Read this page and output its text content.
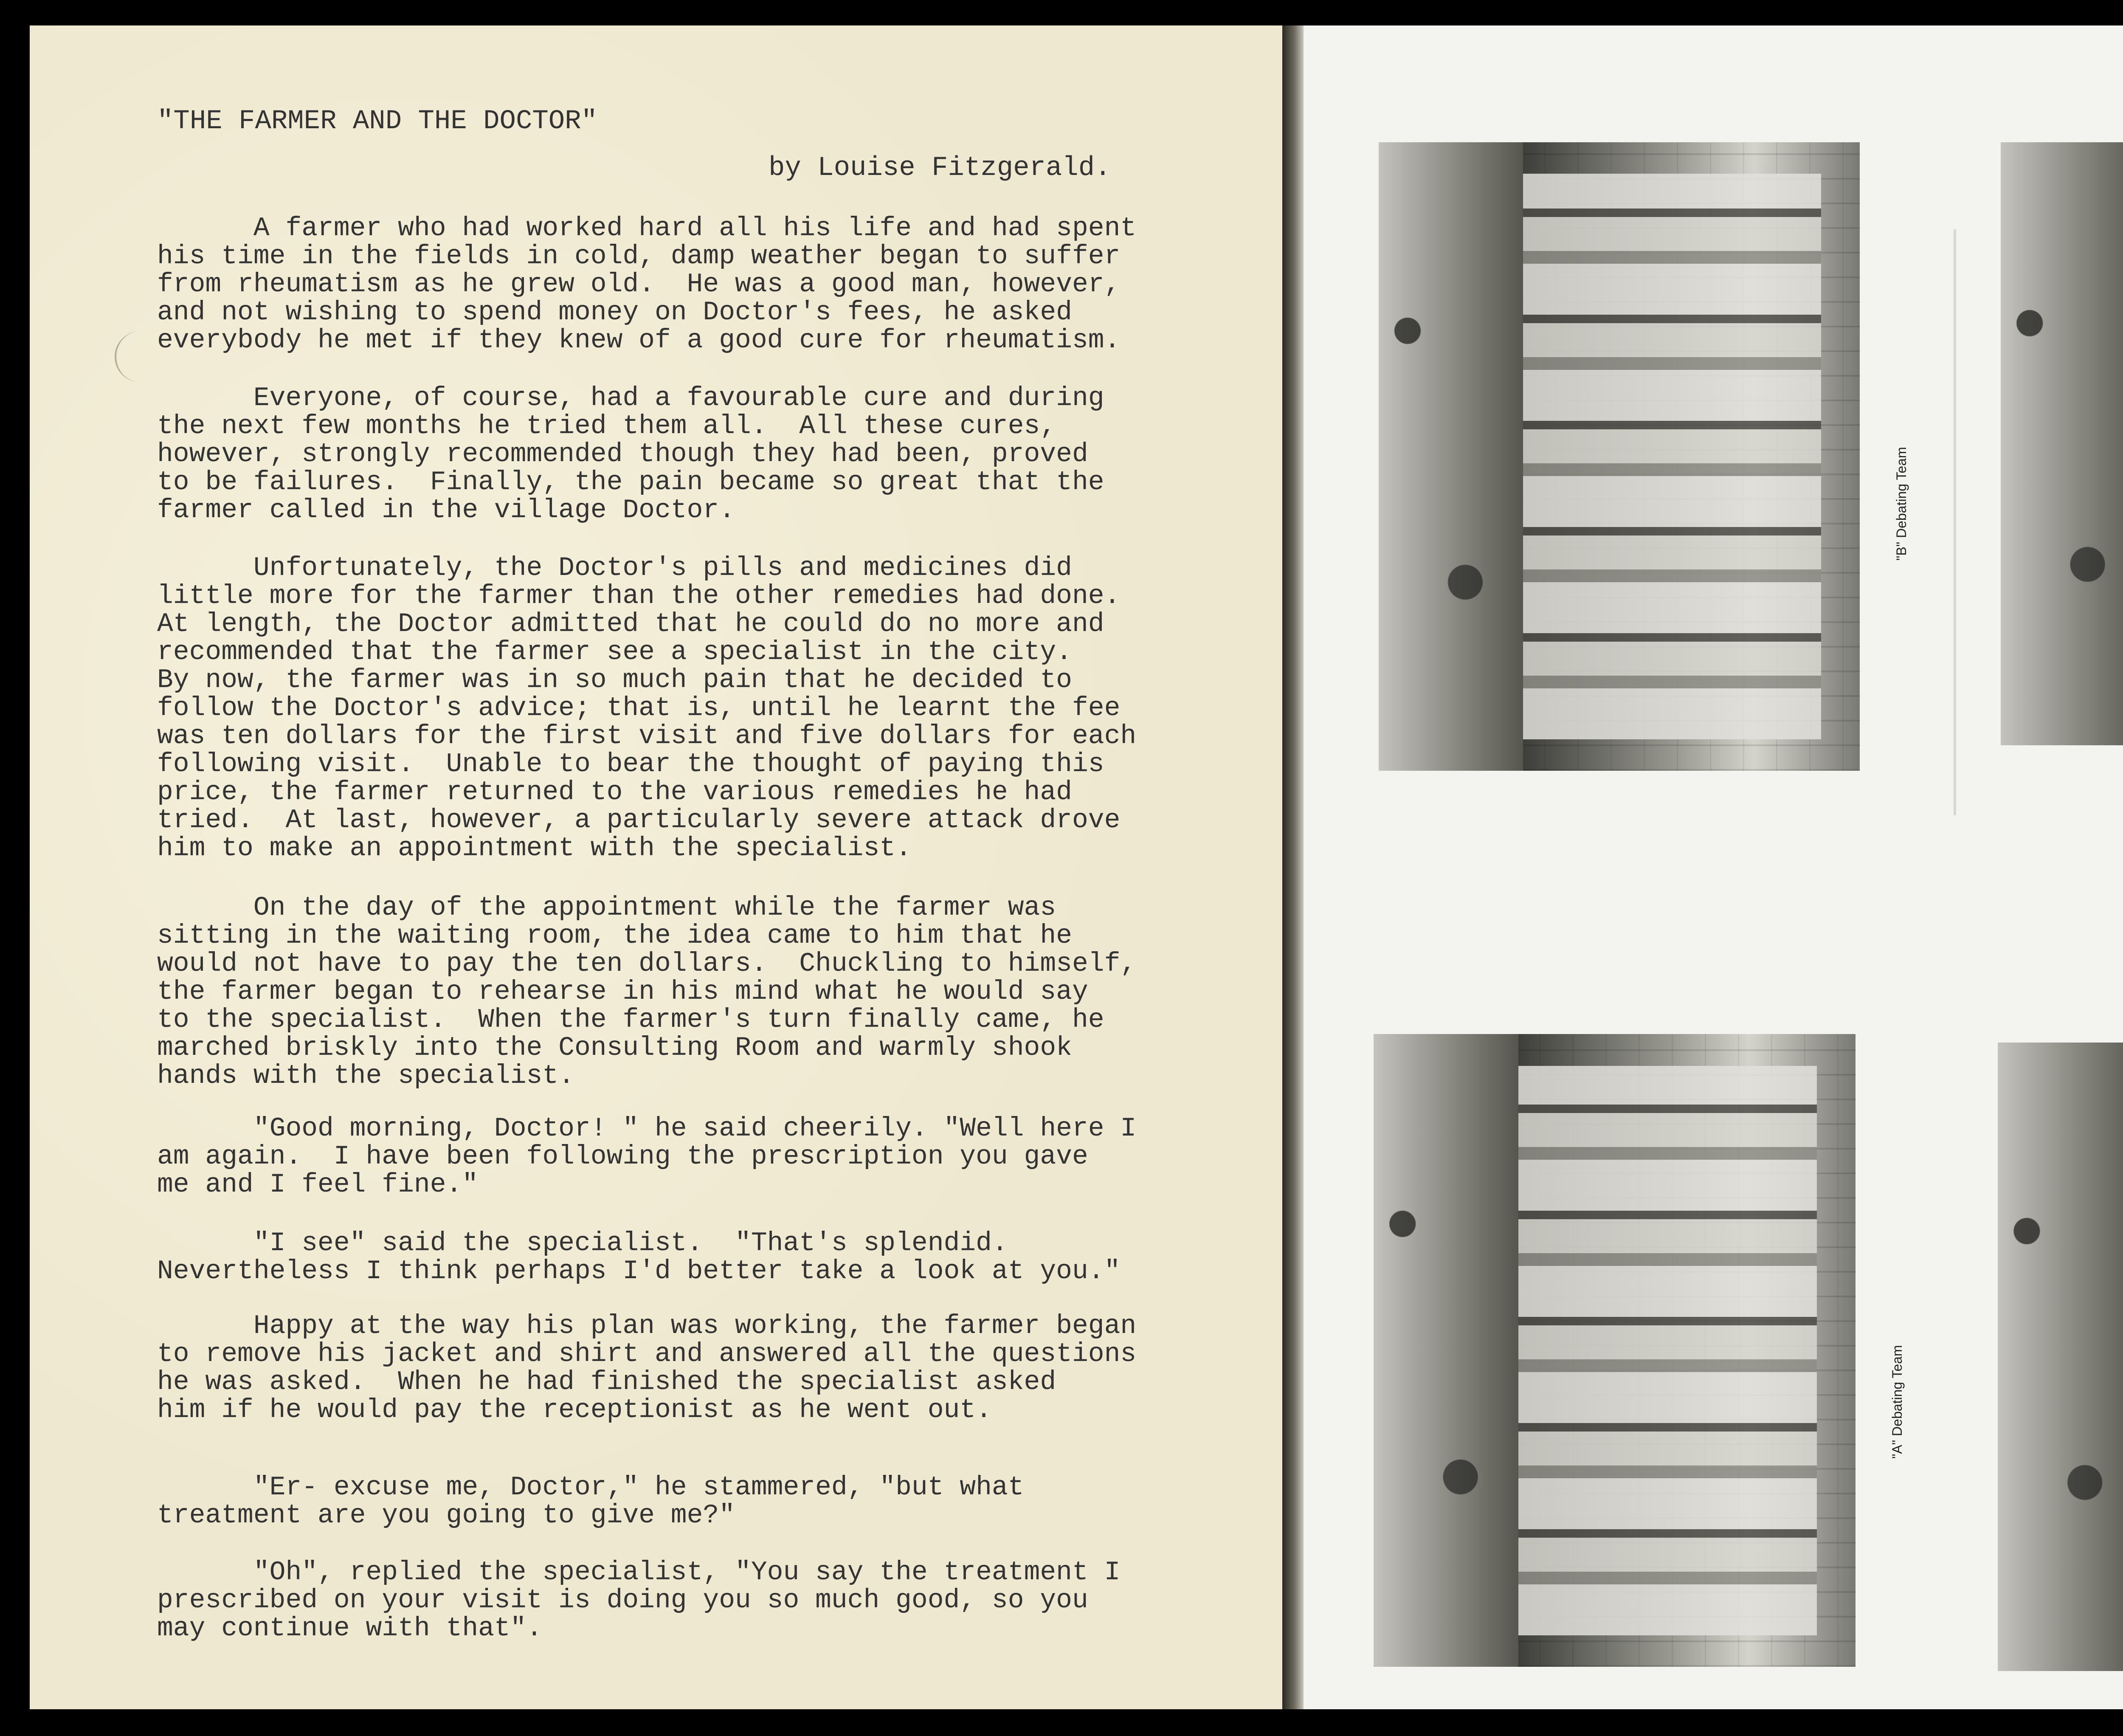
"THE FARMER AND THE DOCTOR"
by Louise Fitzgerald.
A farmer who had worked hard all his life and had spent
his time in the fields in cold, damp weather began to suffer
from rheumatism as he grew old.  He was a good man, however,
and not wishing to spend money on Doctor's fees, he asked
everybody he met if they knew of a good cure for rheumatism.
Everyone, of course, had a favourable cure and during
the next few months he tried them all.  All these cures,
however, strongly recommended though they had been, proved
to be failures.  Finally, the pain became so great that the
farmer called in the village Doctor.
Unfortunately, the Doctor's pills and medicines did
little more for the farmer than the other remedies had done.
At length, the Doctor admitted that he could do no more and
recommended that the farmer see a specialist in the city.
By now, the farmer was in so much pain that he decided to
follow the Doctor's advice; that is, until he learnt the fee
was ten dollars for the first visit and five dollars for each
following visit.  Unable to bear the thought of paying this
price, the farmer returned to the various remedies he had
tried.  At last, however, a particularly severe attack drove
him to make an appointment with the specialist.
On the day of the appointment while the farmer was
sitting in the waiting room, the idea came to him that he
would not have to pay the ten dollars.  Chuckling to himself,
the farmer began to rehearse in his mind what he would say
to the specialist.  When the farmer's turn finally came, he
marched briskly into the Consulting Room and warmly shook
hands with the specialist.
"Good morning, Doctor! " he said cheerily. "Well here I
am again.  I have been following the prescription you gave
me and I feel fine."
"I see" said the specialist.  "That's splendid.
Nevertheless I think perhaps I'd better take a look at you."
Happy at the way his plan was working, the farmer began
to remove his jacket and shirt and answered all the questions
he was asked.  When he had finished the specialist asked
him if he would pay the receptionist as he went out.
"Er- excuse me, Doctor," he stammered, "but what
treatment are you going to give me?"
"Oh", replied the specialist, "You say the treatment I
prescribed on your visit is doing you so much good, so you
may continue with that".
"B" Debating Team
"A" Debating Team
